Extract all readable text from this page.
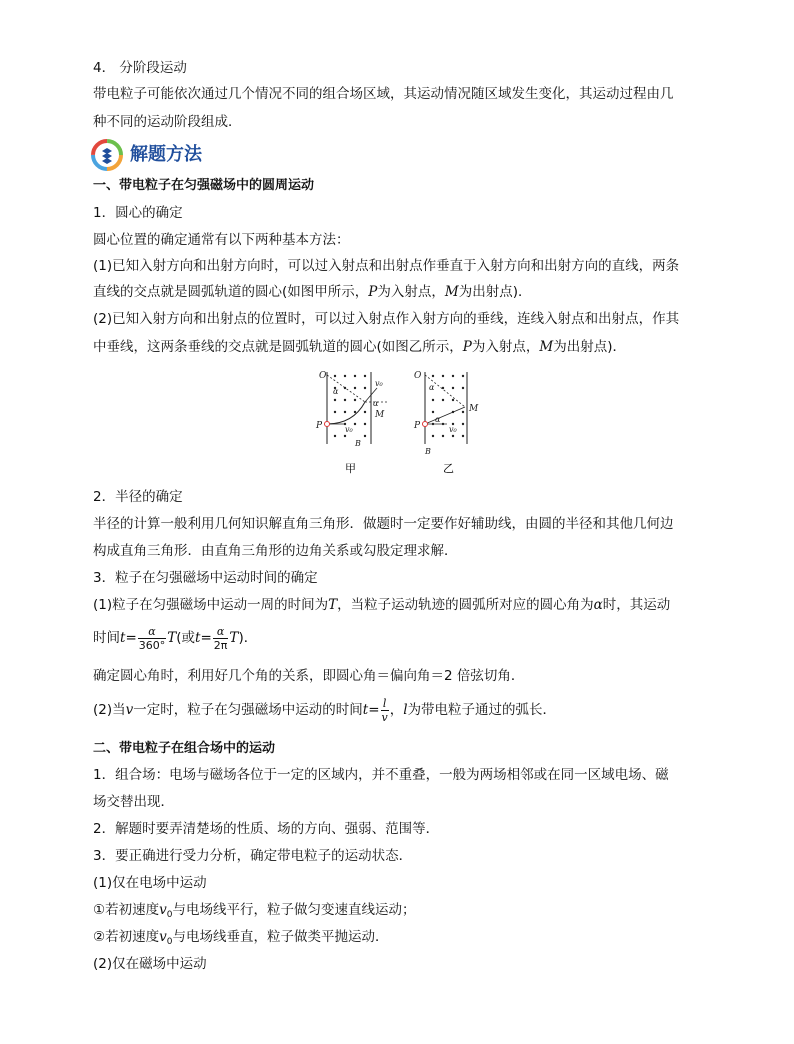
4． 分阶段运动
带电粒子可能依次通过几个情况不同的组合场区域，其运动情况随区域发生变化，其运动过程由几
种不同的运动阶段组成．
解题方法
一、带电粒子在匀强磁场中的圆周运动
1．圆心的确定
圆心位置的确定通常有以下两种基本方法：
(1)已知入射方向和出射方向时，可以过入射点和出射点作垂直于入射方向和出射方向的直线，两条
直线的交点就是圆弧轨道的圆心(如图甲所示，P为入射点，M为出射点)．
(2)已知入射方向和出射点的位置时，可以过入射点作入射方向的垂线，连线入射点和出射点，作其
中垂线，这两条垂线的交点就是圆弧轨道的圆心(如图乙所示，P为入射点，M为出射点)．
O
P
M
B
α
α
v₀
v₀
O
P
M
B
α
α
v₀
甲	乙
2．半径的确定
半径的计算一般利用几何知识解直角三角形．做题时一定要作好辅助线，由圆的半径和其他几何边
构成直角三角形．由直角三角形的边角关系或勾股定理求解．
3．粒子在匀强磁场中运动时间的确定
(1)粒子在匀强磁场中运动一周的时间为T，当粒子运动轨迹的圆弧所对应的圆心角为α时，其运动
时间$t= \frac{\alpha}{360^\circ} T$(或$t= \frac{\alpha}{2\pi} T$)．
确定圆心角时，利用好几个角的关系，即圆心角＝偏向角＝2 倍弦切角．
(2)当v一定时，粒子在匀强磁场中运动的时间$t= \frac{l}{v}$ ，l为带电粒子通过的弧长．
二、带电粒子在组合场中的运动
1．组合场：电场与磁场各位于一定的区域内，并不重叠，一般为两场相邻或在同一区域电场、磁
场交替出现．
2．解题时要弄清楚场的性质、场的方向、强弱、范围等．
3．要正确进行受力分析，确定带电粒子的运动状态．
(1)仅在电场中运动
①若初速度$v_0$与电场线平行，粒子做匀变速直线运动；
②若初速度$v_0$与电场线垂直，粒子做类平抛运动．
(2)仅在磁场中运动
